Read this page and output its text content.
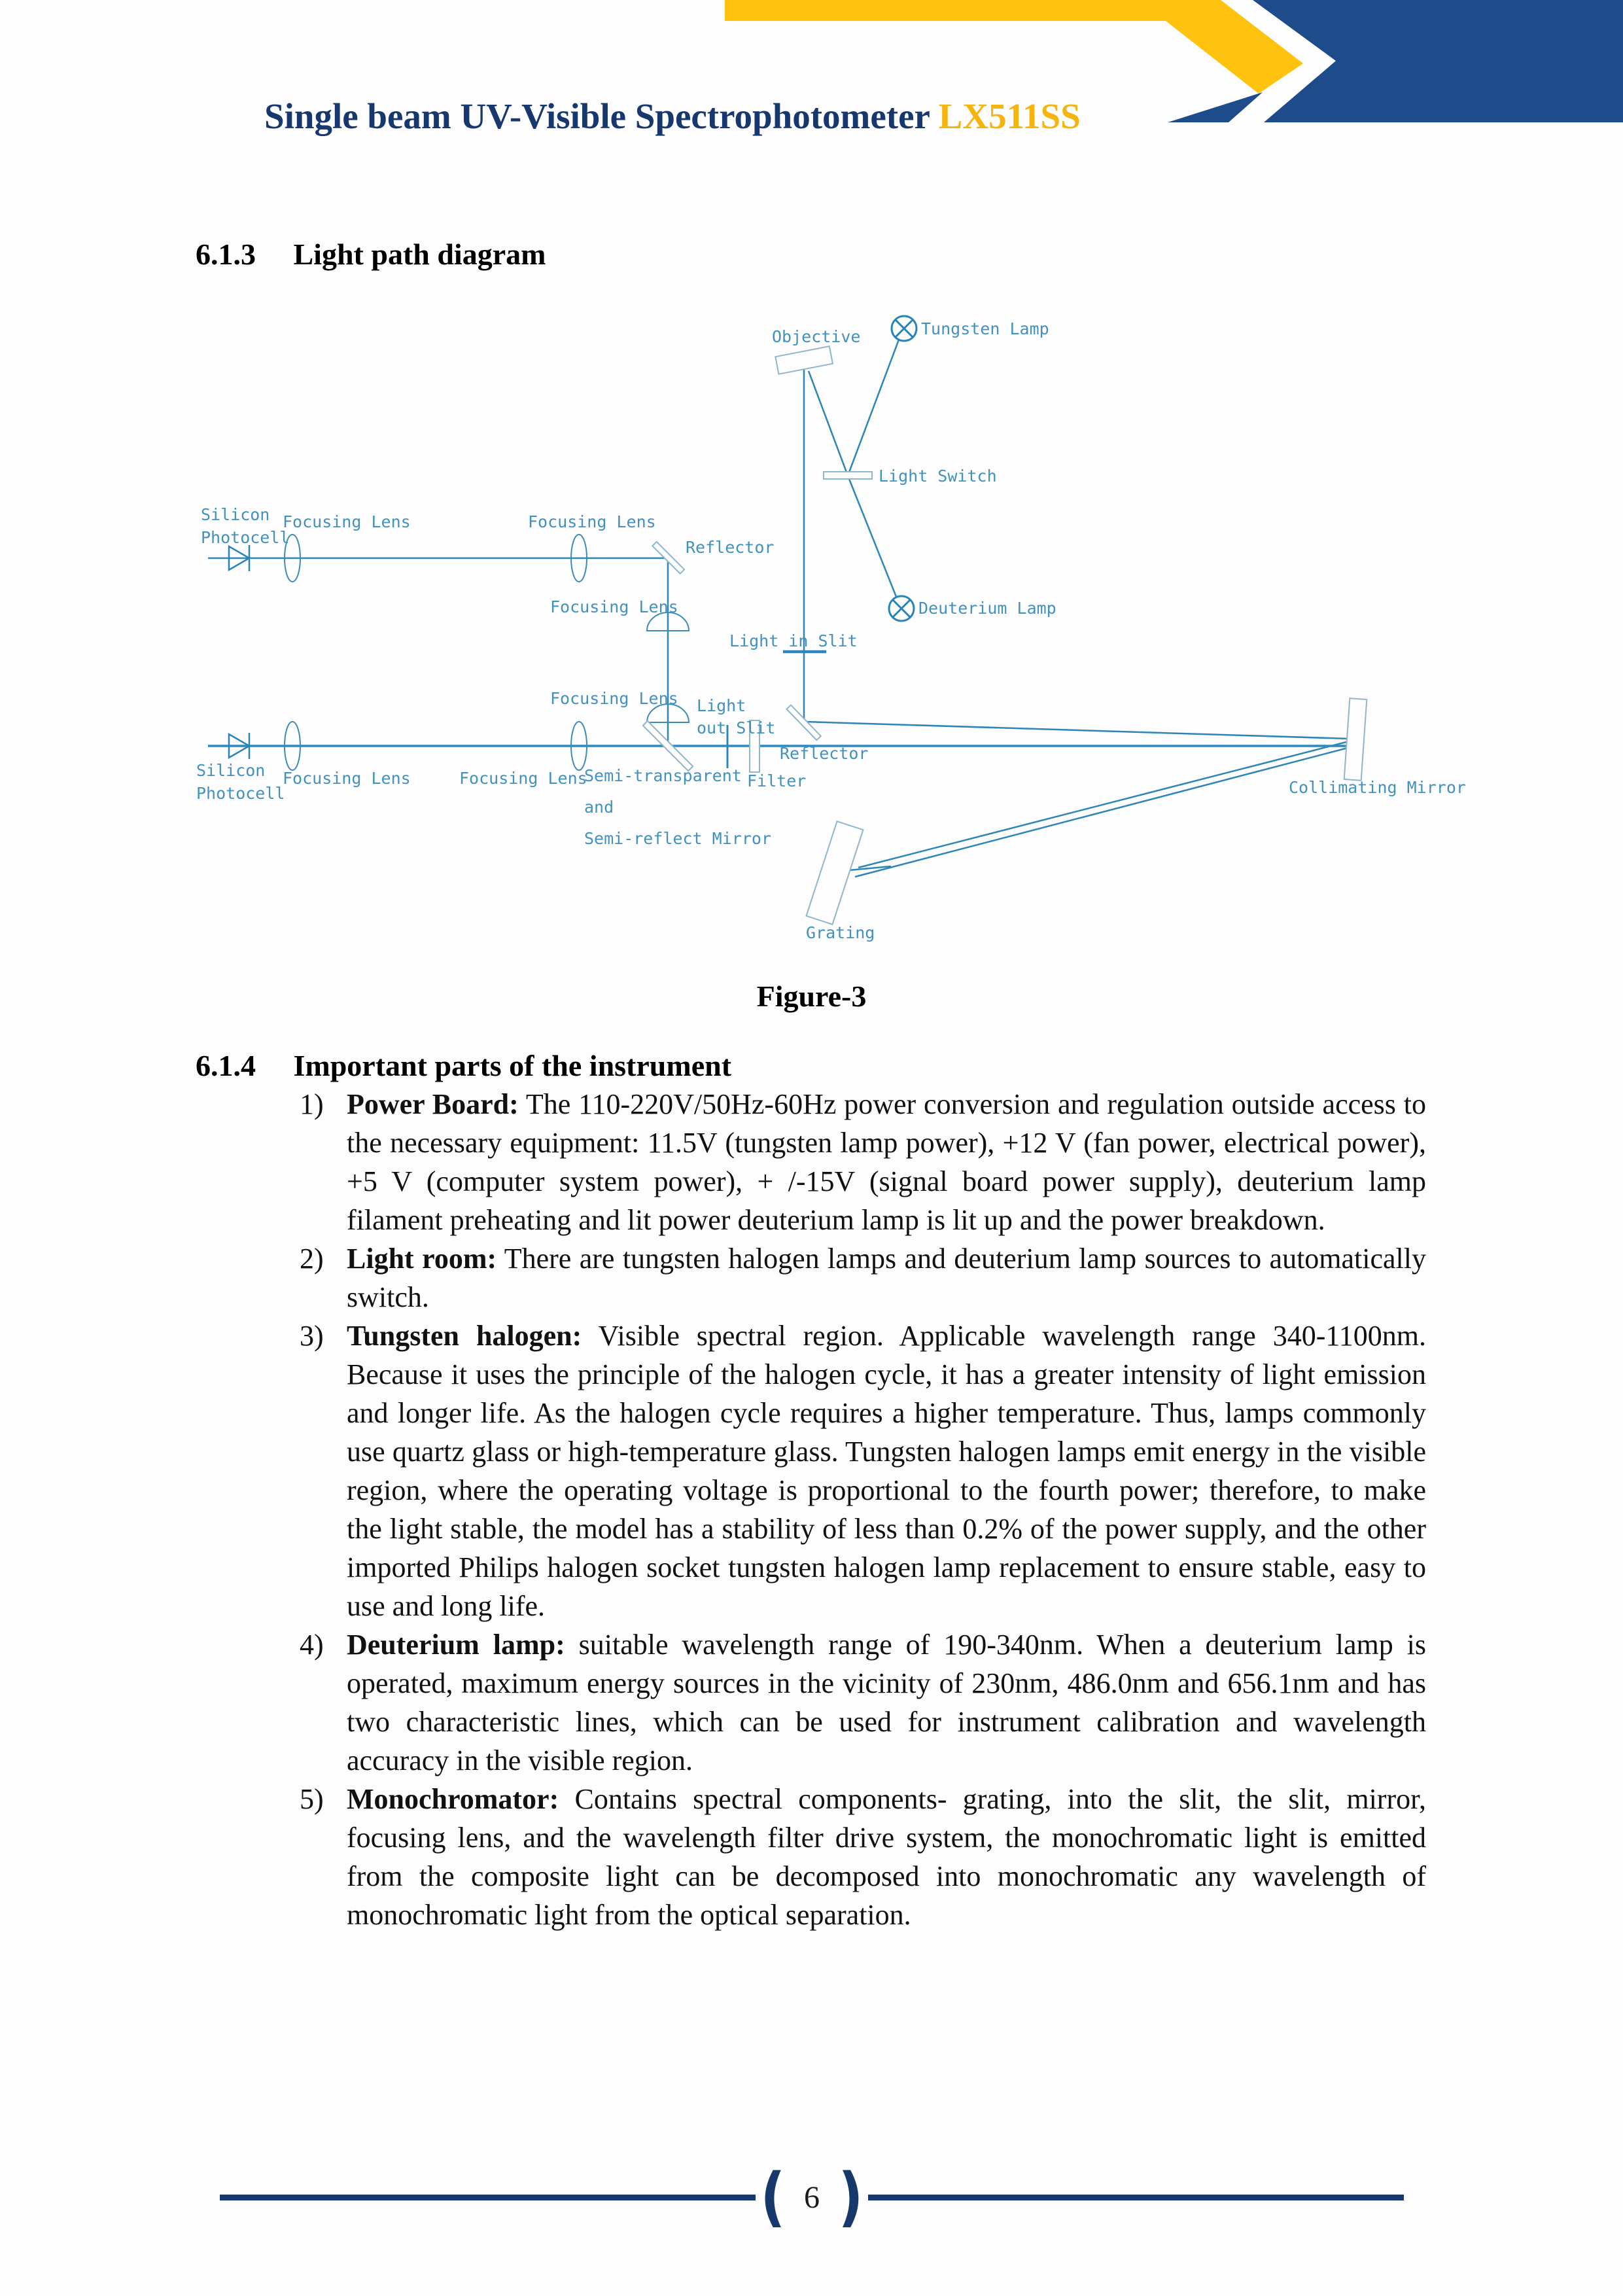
Single beam UV-Visible Spectrophotometer LX511SS
6.1.3 Light path diagram
Silicon
Photocell
Focusing Lens	Focusing Lens
Reflector
Focusing Lens
Focusing Lens
Light in Slit
Light
out Slit
Reflector
Semi-transparent
and
Semi-reflect Mirror
Filter
Focusing Lens	Focusing Lens
Silicon
Photocell
Objective	Tungsten Lamp
Light Switch
Deuterium Lamp
Collimating Mirror
Grating
Figure-3
6.1.4 Important parts of the instrument
1) Power Board: The 110-220V/50Hz-60Hz power conversion and regulation outside access to the necessary equipment: 11.5V (tungsten lamp power), +12 V (fan power, electrical power), +5 V (computer system power), + /-15V (signal board power supply), deuterium lamp filament preheating and lit power deuterium lamp is lit up and the power breakdown.
2) Light room: There are tungsten halogen lamps and deuterium lamp sources to automatically switch.
3) Tungsten halogen: Visible spectral region. Applicable wavelength range 340-1100nm. Because it uses the principle of the halogen cycle, it has a greater intensity of light emission and longer life. As the halogen cycle requires a higher temperature. Thus, lamps commonly use quartz glass or high-temperature glass. Tungsten halogen lamps emit energy in the visible region, where the operating voltage is proportional to the fourth power; therefore, to make the light stable, the model has a stability of less than 0.2% of the power supply, and the other imported Philips halogen socket tungsten halogen lamp replacement to ensure stable, easy to use and long life.
4) Deuterium lamp: suitable wavelength range of 190-340nm. When a deuterium lamp is operated, maximum energy sources in the vicinity of 230nm, 486.0nm and 656.1nm and has two characteristic lines, which can be used for instrument calibration and wavelength accuracy in the visible region.
5) Monochromator: Contains spectral components- grating, into the slit, the slit, mirror, focusing lens, and the wavelength filter drive system, the monochromatic light is emitted from the composite light can be decomposed into monochromatic any wavelength of monochromatic light from the optical separation.
( 6 )
